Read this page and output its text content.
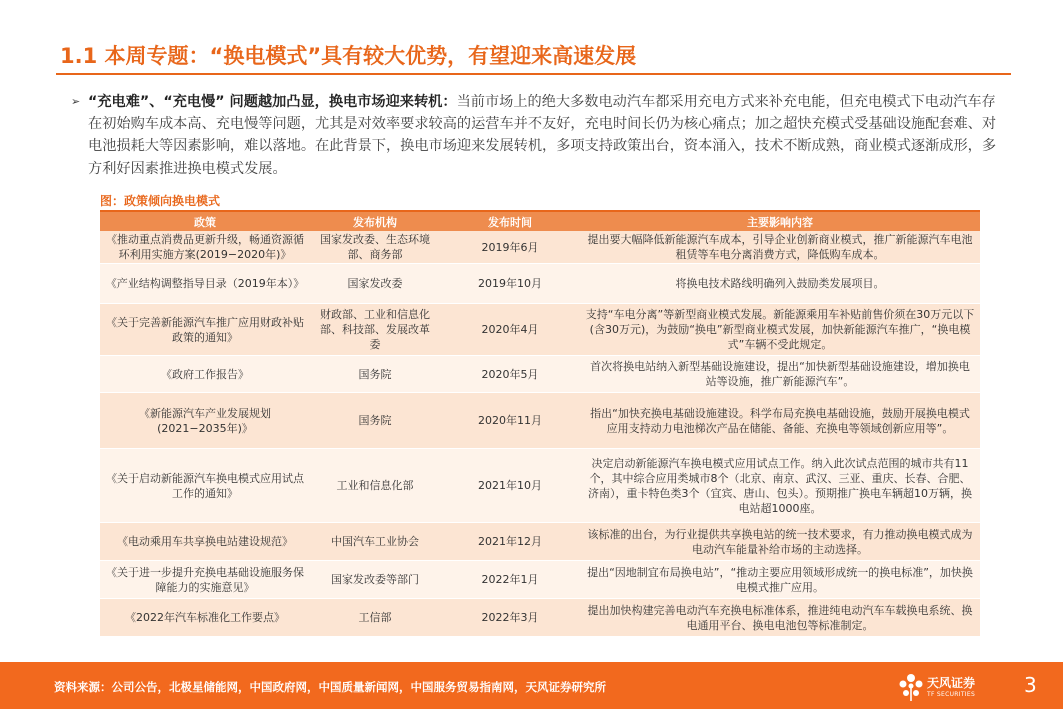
1.1 本周专题：“换电模式”具有较大优势，有望迎来高速发展
➢ “充电难”、“充电慢” 问题越加凸显，换电市场迎来转机：当前市场上的绝大多数电动汽车都采用充电方式来补充电能，但充电模式下电动汽车存在初始购车成本高、充电慢等问题，尤其是对效率要求较高的运营车并不友好，充电时间长仍为核心痛点；加之超快充模式受基础设施配套难、对电池损耗大等因素影响，难以落地。在此背景下，换电市场迎来发展转机，多项支持政策出台，资本涌入，技术不断成熟，商业模式逐渐成形，多方利好因素推进换电模式发展。
图：政策倾向换电模式
政策	发布机构	发布时间	主要影响内容
《推动重点消费品更新升级，畅通资源循环利用实施方案(2019−2020年)》	国家发改委、生态环境部、商务部	2019年6月	提出要大幅降低新能源汽车成本，引导企业创新商业模式，推广新能源汽车电池租赁等车电分离消费方式，降低购车成本。
《产业结构调整指导目录（2019年本）》	国家发改委	2019年10月	将换电技术路线明确列入鼓励类发展项目。
《关于完善新能源汽车推广应用财政补贴政策的通知》	财政部、工业和信息化部、科技部、发展改革委	2020年4月	支持“车电分离”等新型商业模式发展。新能源乘用车补贴前售价须在30万元以下(含30万元)，为鼓励“换电”新型商业模式发展，加快新能源汽车推广，“换电模式”车辆不受此规定。
《政府工作报告》	国务院	2020年5月	首次将换电站纳入新型基础设施建设，提出“加快新型基础设施建设，增加换电站等设施，推广新能源汽车”。
《新能源汽车产业发展规划(2021−2035年)》	国务院	2020年11月	指出“加快充换电基础设施建设。科学布局充换电基础设施，鼓励开展换电模式应用支持动力电池梯次产品在储能、备能、充换电等领域创新应用等”。
《关于启动新能源汽车换电模式应用试点工作的通知》	工业和信息化部	2021年10月	决定启动新能源汽车换电模式应用试点工作。纳入此次试点范围的城市共有11个，其中综合应用类城市8个（北京、南京、武汉、三亚、重庆、长春、合肥、济南），重卡特色类3个（宜宾、唐山、包头）。预期推广换电车辆超10万辆，换电站超1000座。
《电动乘用车共享换电站建设规范》	中国汽车工业协会	2021年12月	该标准的出台，为行业提供共享换电站的统一技术要求，有力推动换电模式成为电动汽车能量补给市场的主动选择。
《关于进一步提升充换电基础设施服务保障能力的实施意见》	国家发改委等部门	2022年1月	提出“因地制宜布局换电站”，“推动主要应用领域形成统一的换电标准”，加快换电模式推广应用。
《2022年汽车标准化工作要点》	工信部	2022年3月	提出加快构建完善电动汽车充换电标准体系，推进纯电动汽车车载换电系统、换电通用平台、换电电池包等标准制定。
资料来源：公司公告，北极星储能网，中国政府网，中国质量新闻网，中国服务贸易指南网，天风证券研究所	天风证券
TF SECURITIES 3
